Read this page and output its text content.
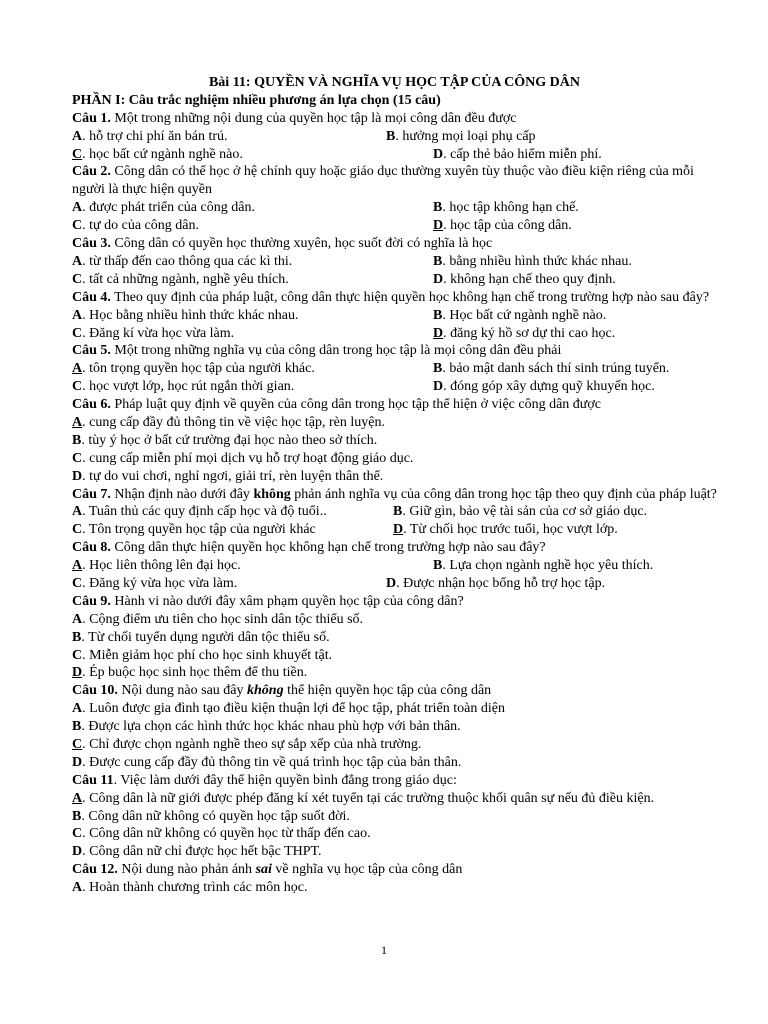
Bài 11: QUYỀN VÀ NGHĨA VỤ HỌC TẬP CỦA CÔNG DÂN
PHẦN I: Câu trắc nghiệm nhiều phương án lựa chọn (15 câu)
Câu 1. Một trong những nội dung của quyền học tập là mọi công dân đều được
A. hỗ trợ chi phí ăn bán trú.	B. hưởng mọi loại phụ cấp
C. học bất cứ ngành nghề nào.	D. cấp thẻ bảo hiểm miễn phí.
Câu 2. Công dân có thể học ở hệ chính quy hoặc giáo dục thường xuyên tùy thuộc vào điều kiện riêng của mỗi người là thực hiện quyền
A. được phát triển của công dân.	B. học tập không hạn chế.
C. tự do của công dân.	D. học tập của công dân.
Câu 3. Công dân có quyền học thường xuyên, học suốt đời có nghĩa là học
A. từ thấp đến cao thông qua các kì thi.	B. bằng nhiều hình thức khác nhau.
C. tất cả những ngành, nghề yêu thích.	D. không hạn chế theo quy định.
Câu 4. Theo quy định của pháp luật, công dân thực hiện quyền học không hạn chế trong trường hợp nào sau đây?
A. Học bằng nhiều hình thức khác nhau.	B. Học bất cứ ngành nghề nào.
C. Đăng kí vừa học vừa làm.	D. đăng ký hồ sơ dự thi cao học.
Câu 5. Một trong những nghĩa vụ của công dân trong học tập là mọi công dân đều phải
A. tôn trọng quyền học tập của người khác.	B. bảo mật danh sách thí sinh trúng tuyển.
C. học vượt lớp, học rút ngắn thời gian.	D. đóng góp xây dựng quỹ khuyến học.
Câu 6. Pháp luật quy định về quyền của công dân trong học tập thể hiện ở việc công dân được
A. cung cấp đầy đủ thông tin về việc học tập, rèn luyện.
B. tùy ý học ở bất cứ trường đại học nào theo sở thích.
C. cung cấp miễn phí mọi dịch vụ hỗ trợ hoạt động giáo dục.
D. tự do vui chơi, nghỉ ngơi, giải trí, rèn luyện thân thể.
Câu 7. Nhận định nào dưới đây không phản ánh nghĩa vụ của công dân trong học tập theo quy định của pháp luật?
A. Tuân thủ các quy định cấp học và độ tuổi..	B. Giữ gìn, bảo vệ tài sản của cơ sở giáo dục.
C. Tôn trọng quyền học tập của người khác	D. Từ chối học trước tuổi, học vượt lớp.
Câu 8. Công dân thực hiện quyền học không hạn chế trong trường hợp nào sau đây?
A. Học liên thông lên đại học.	B. Lựa chọn ngành nghề học yêu thích.
C. Đăng ký vừa học vừa làm.	D. Được nhận học bổng hỗ trợ học tập.
Câu 9. Hành vi nào dưới đây xâm phạm quyền học tập của công dân?
A. Cộng điểm ưu tiên cho học sinh dân tộc thiểu số.
B. Từ chối tuyển dụng người dân tộc thiểu số.
C. Miễn giảm học phí cho học sinh khuyết tật.
D. Ép buộc học sinh học thêm để thu tiền.
Câu 10. Nội dung nào sau đây không thể hiện quyền học tập của công dân
A. Luôn được gia đình tạo điều kiện thuận lợi để học tập, phát triển toàn diện
B. Được lựa chọn các hình thức học khác nhau phù hợp với bản thân.
C. Chỉ được chọn ngành nghề theo sự sắp xếp của nhà trường.
D. Được cung cấp đầy đủ thông tin về quá trình học tập của bản thân.
Câu 11. Việc làm dưới đây thể hiện quyền bình đẳng trong giáo dục:
A. Công dân là nữ giới được phép đăng kí xét tuyển tại các trường thuộc khối quân sự nếu đủ điều kiện.
B. Công dân nữ không có quyền học tập suốt đời.
C. Công dân nữ không có quyền học từ thấp đến cao.
D. Công dân nữ chỉ được học hết bậc THPT.
Câu 12. Nội dung nào phản ánh sai về nghĩa vụ học tập của công dân
A. Hoàn thành chương trình các môn học.
1
